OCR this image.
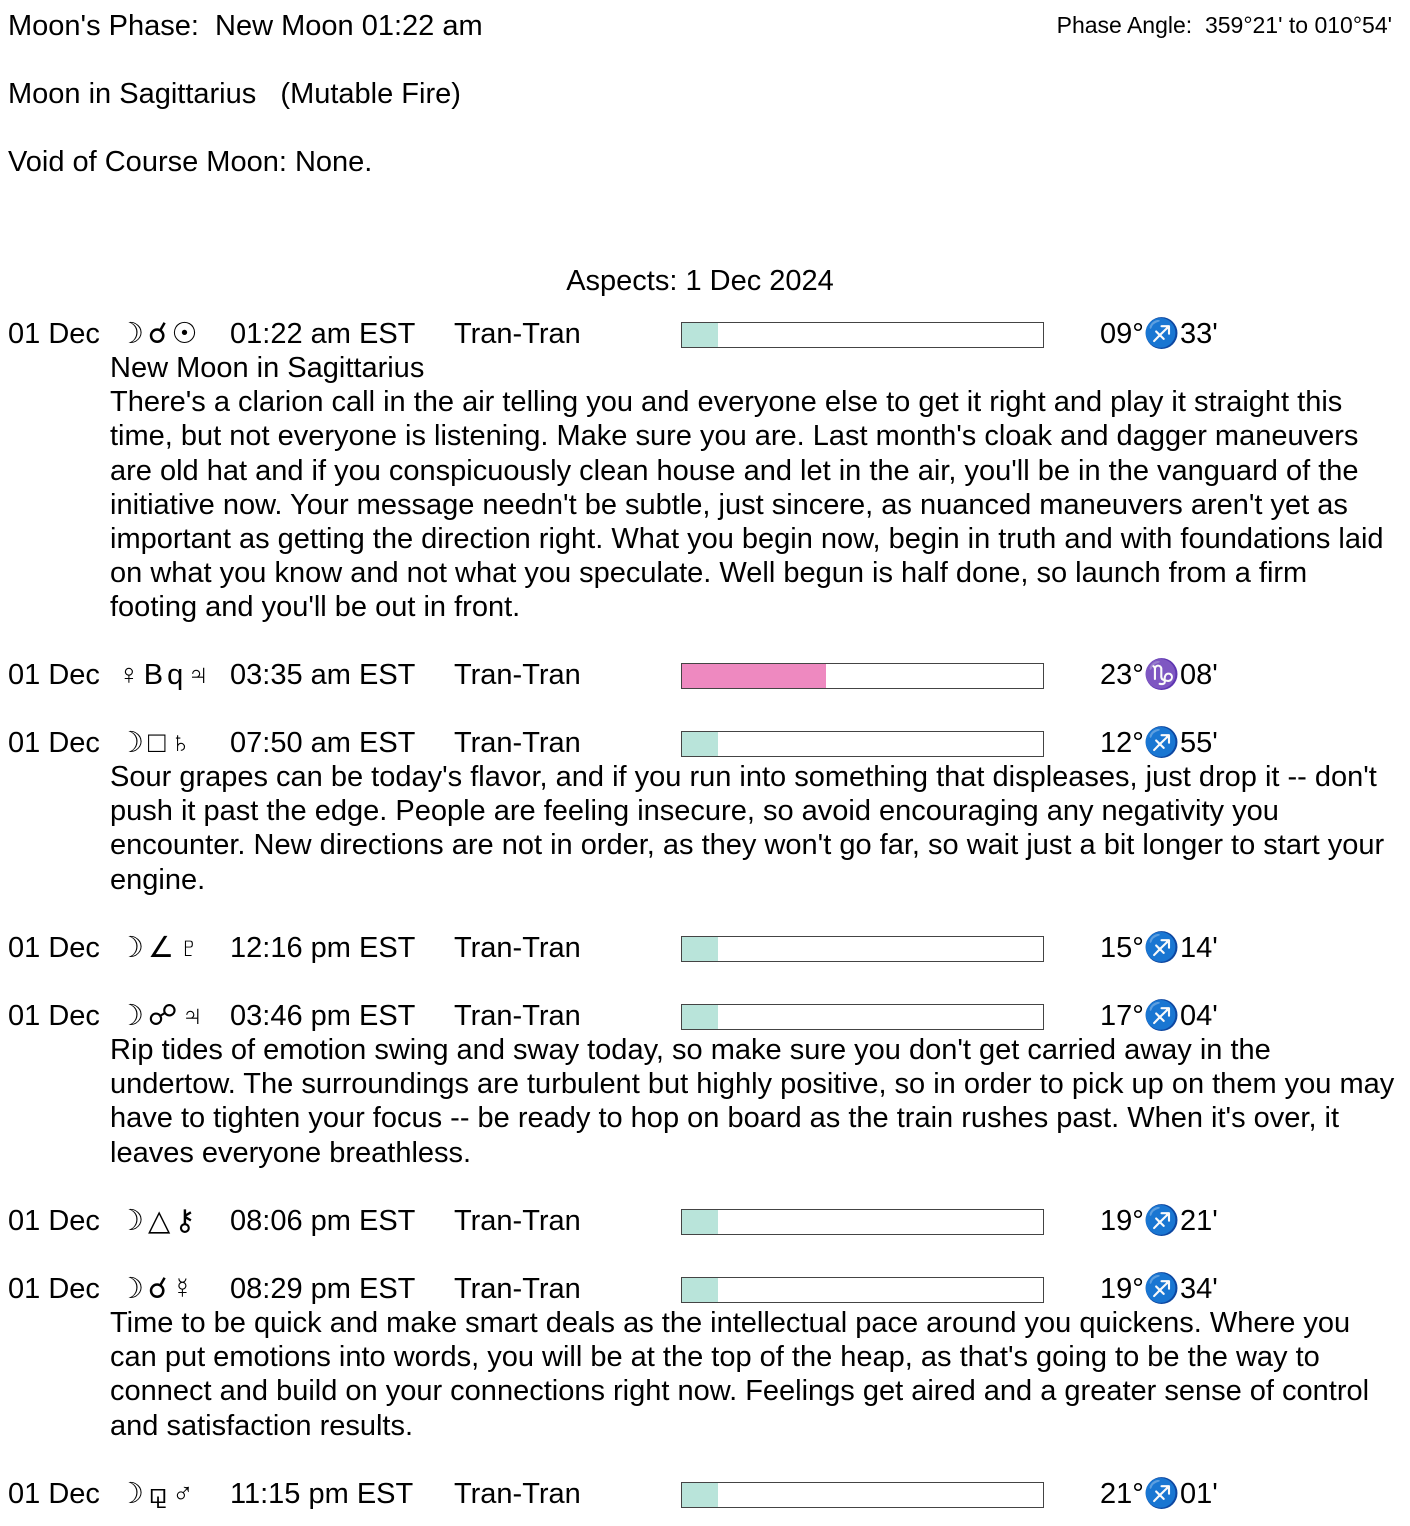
Moon's Phase:  New Moon 01:22 am	Phase Angle:  359°21' to 010°54'
Moon in Sagittarius   (Mutable Fire)
Void of Course Moon: None.
Aspects: 1 Dec 2024
01 Dec ☽☌☉ 01:22 am EST Tran-Tran	09°♐33'

New Moon in Sagittarius

There's a clarion call in the air telling you and everyone else to get it right and play it straight this time, but not everyone is listening. Make sure you are. Last month's cloak and dagger maneuvers are old hat and if you conspicuously clean house and let in the air, you'll be in the vanguard of the initiative now. Your message needn't be subtle, just sincere, as nuanced maneuvers aren't yet as important as getting the direction right. What you begin now, begin in truth and with foundations laid on what you know and not what you speculate. Well begun is half done, so launch from a firm footing and you'll be out in front.

01 Dec ♀Bq♃ 03:35 am EST Tran-Tran	23°♑08'
01 Dec ☽□♄ 07:50 am EST Tran-Tran	12°♐55'

Sour grapes can be today's flavor, and if you run into something that displeases, just drop it -- don't push it past the edge. People are feeling insecure, so avoid encouraging any negativity you encounter. New directions are not in order, as they won't go far, so wait just a bit longer to start your engine.

01 Dec ☽∠♇ 12:16 pm EST Tran-Tran	15°♐14'
01 Dec ☽☍♃ 03:46 pm EST Tran-Tran	17°♐04'

Rip tides of emotion swing and sway today, so make sure you don't get carried away in the undertow. The surroundings are turbulent but highly positive, so in order to pick up on them you may have to tighten your focus -- be ready to hop on board as the train rushes past. When it's over, it leaves everyone breathless.

01 Dec ☽△⚷ 08:06 pm EST Tran-Tran	19°♐21'
01 Dec ☽☌☿ 08:29 pm EST Tran-Tran	19°♐34'

Time to be quick and make smart deals as the intellectual pace around you quickens. Where you can put emotions into words, you will be at the top of the heap, as that's going to be the way to connect and build on your connections right now. Feelings get aired and a greater sense of control and satisfaction results.

01 Dec ☽⚼♂ 11:15 pm EST Tran-Tran	21°♐01'
